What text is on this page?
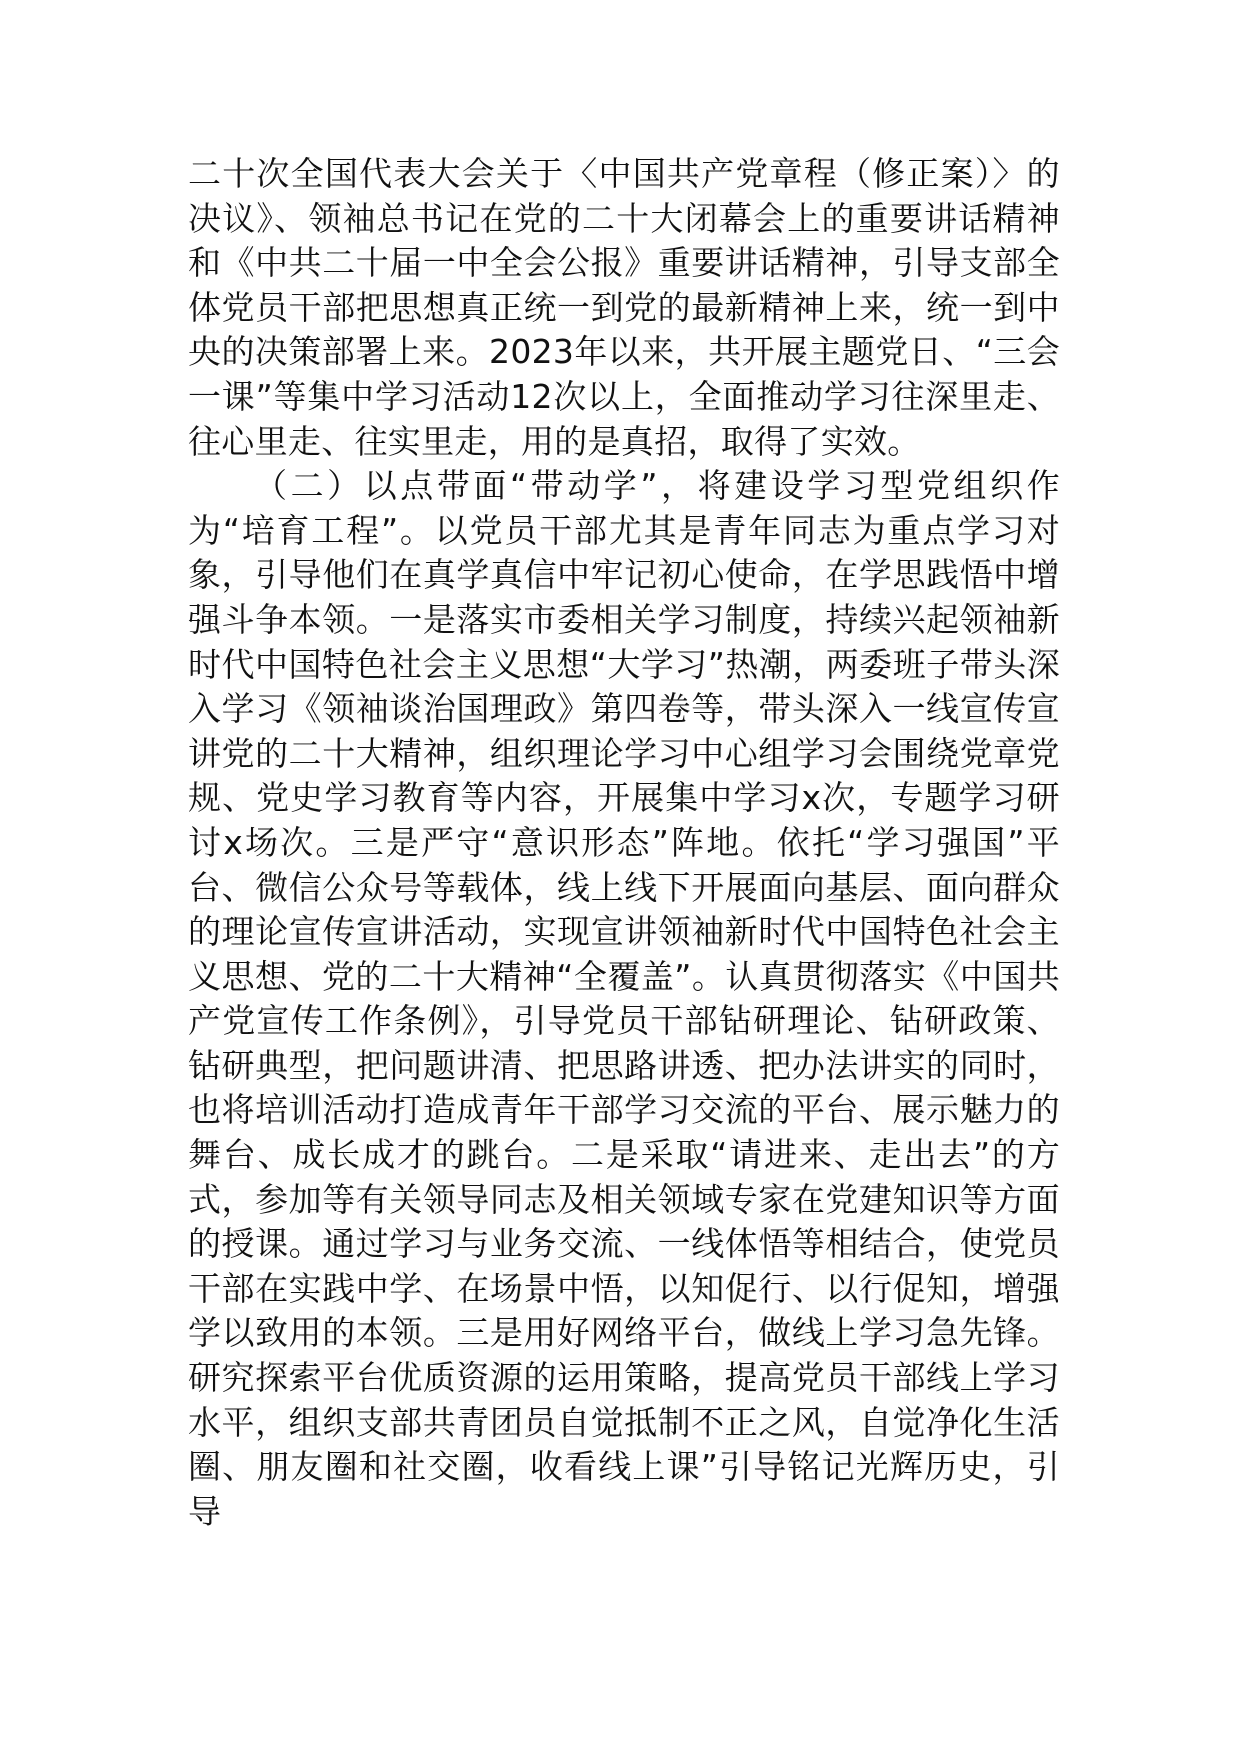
二十次全国代表大会关于〈中国共产党章程（修正案）〉的决议》、领袖总书记在党的二十大闭幕会上的重要讲话精神和《中共二十届一中全会公报》重要讲话精神，引导支部全体党员干部把思想真正统一到党的最新精神上来，统一到中央的决策部署上来。2023年以来，共开展主题党日、“三会一课”等集中学习活动12次以上，全面推动学习往深里走、往心里走、往实里走，用的是真招，取得了实效。

（二）以点带面“带动学”，将建设学习型党组织作为“培育工程”。以党员干部尤其是青年同志为重点学习对象，引导他们在真学真信中牢记初心使命，在学思践悟中增强斗争本领。一是落实市委相关学习制度，持续兴起领袖新时代中国特色社会主义思想“大学习”热潮，两委班子带头深入学习《领袖谈治国理政》第四卷等，带头深入一线宣传宣讲党的二十大精神，组织理论学习中心组学习会围绕党章党规、党史学习教育等内容，开展集中学习x次，专题学习研讨x场次。三是严守“意识形态”阵地。依托“学习强国”平台、微信公众号等载体，线上线下开展面向基层、面向群众的理论宣传宣讲活动，实现宣讲领袖新时代中国特色社会主义思想、党的二十大精神“全覆盖”。认真贯彻落实《中国共产党宣传工作条例》，引导党员干部钻研理论、钻研政策、钻研典型，把问题讲清、把思路讲透、把办法讲实的同时，也将培训活动打造成青年干部学习交流的平台、展示魅力的舞台、成长成才的跳台。二是采取“请进来、走出去”的方式，参加等有关领导同志及相关领域专家在党建知识等方面的授课。通过学习与业务交流、一线体悟等相结合，使党员干部在实践中学、在场景中悟，以知促行、以行促知，增强学以致用的本领。三是用好网络平台，做线上学习急先锋。研究探索平台优质资源的运用策略，提高党员干部线上学习水平，组织支部共青团员自觉抵制不正之风，自觉净化生活圈、朋友圈和社交圈，收看线上课”引导铭记光辉历史，引导
